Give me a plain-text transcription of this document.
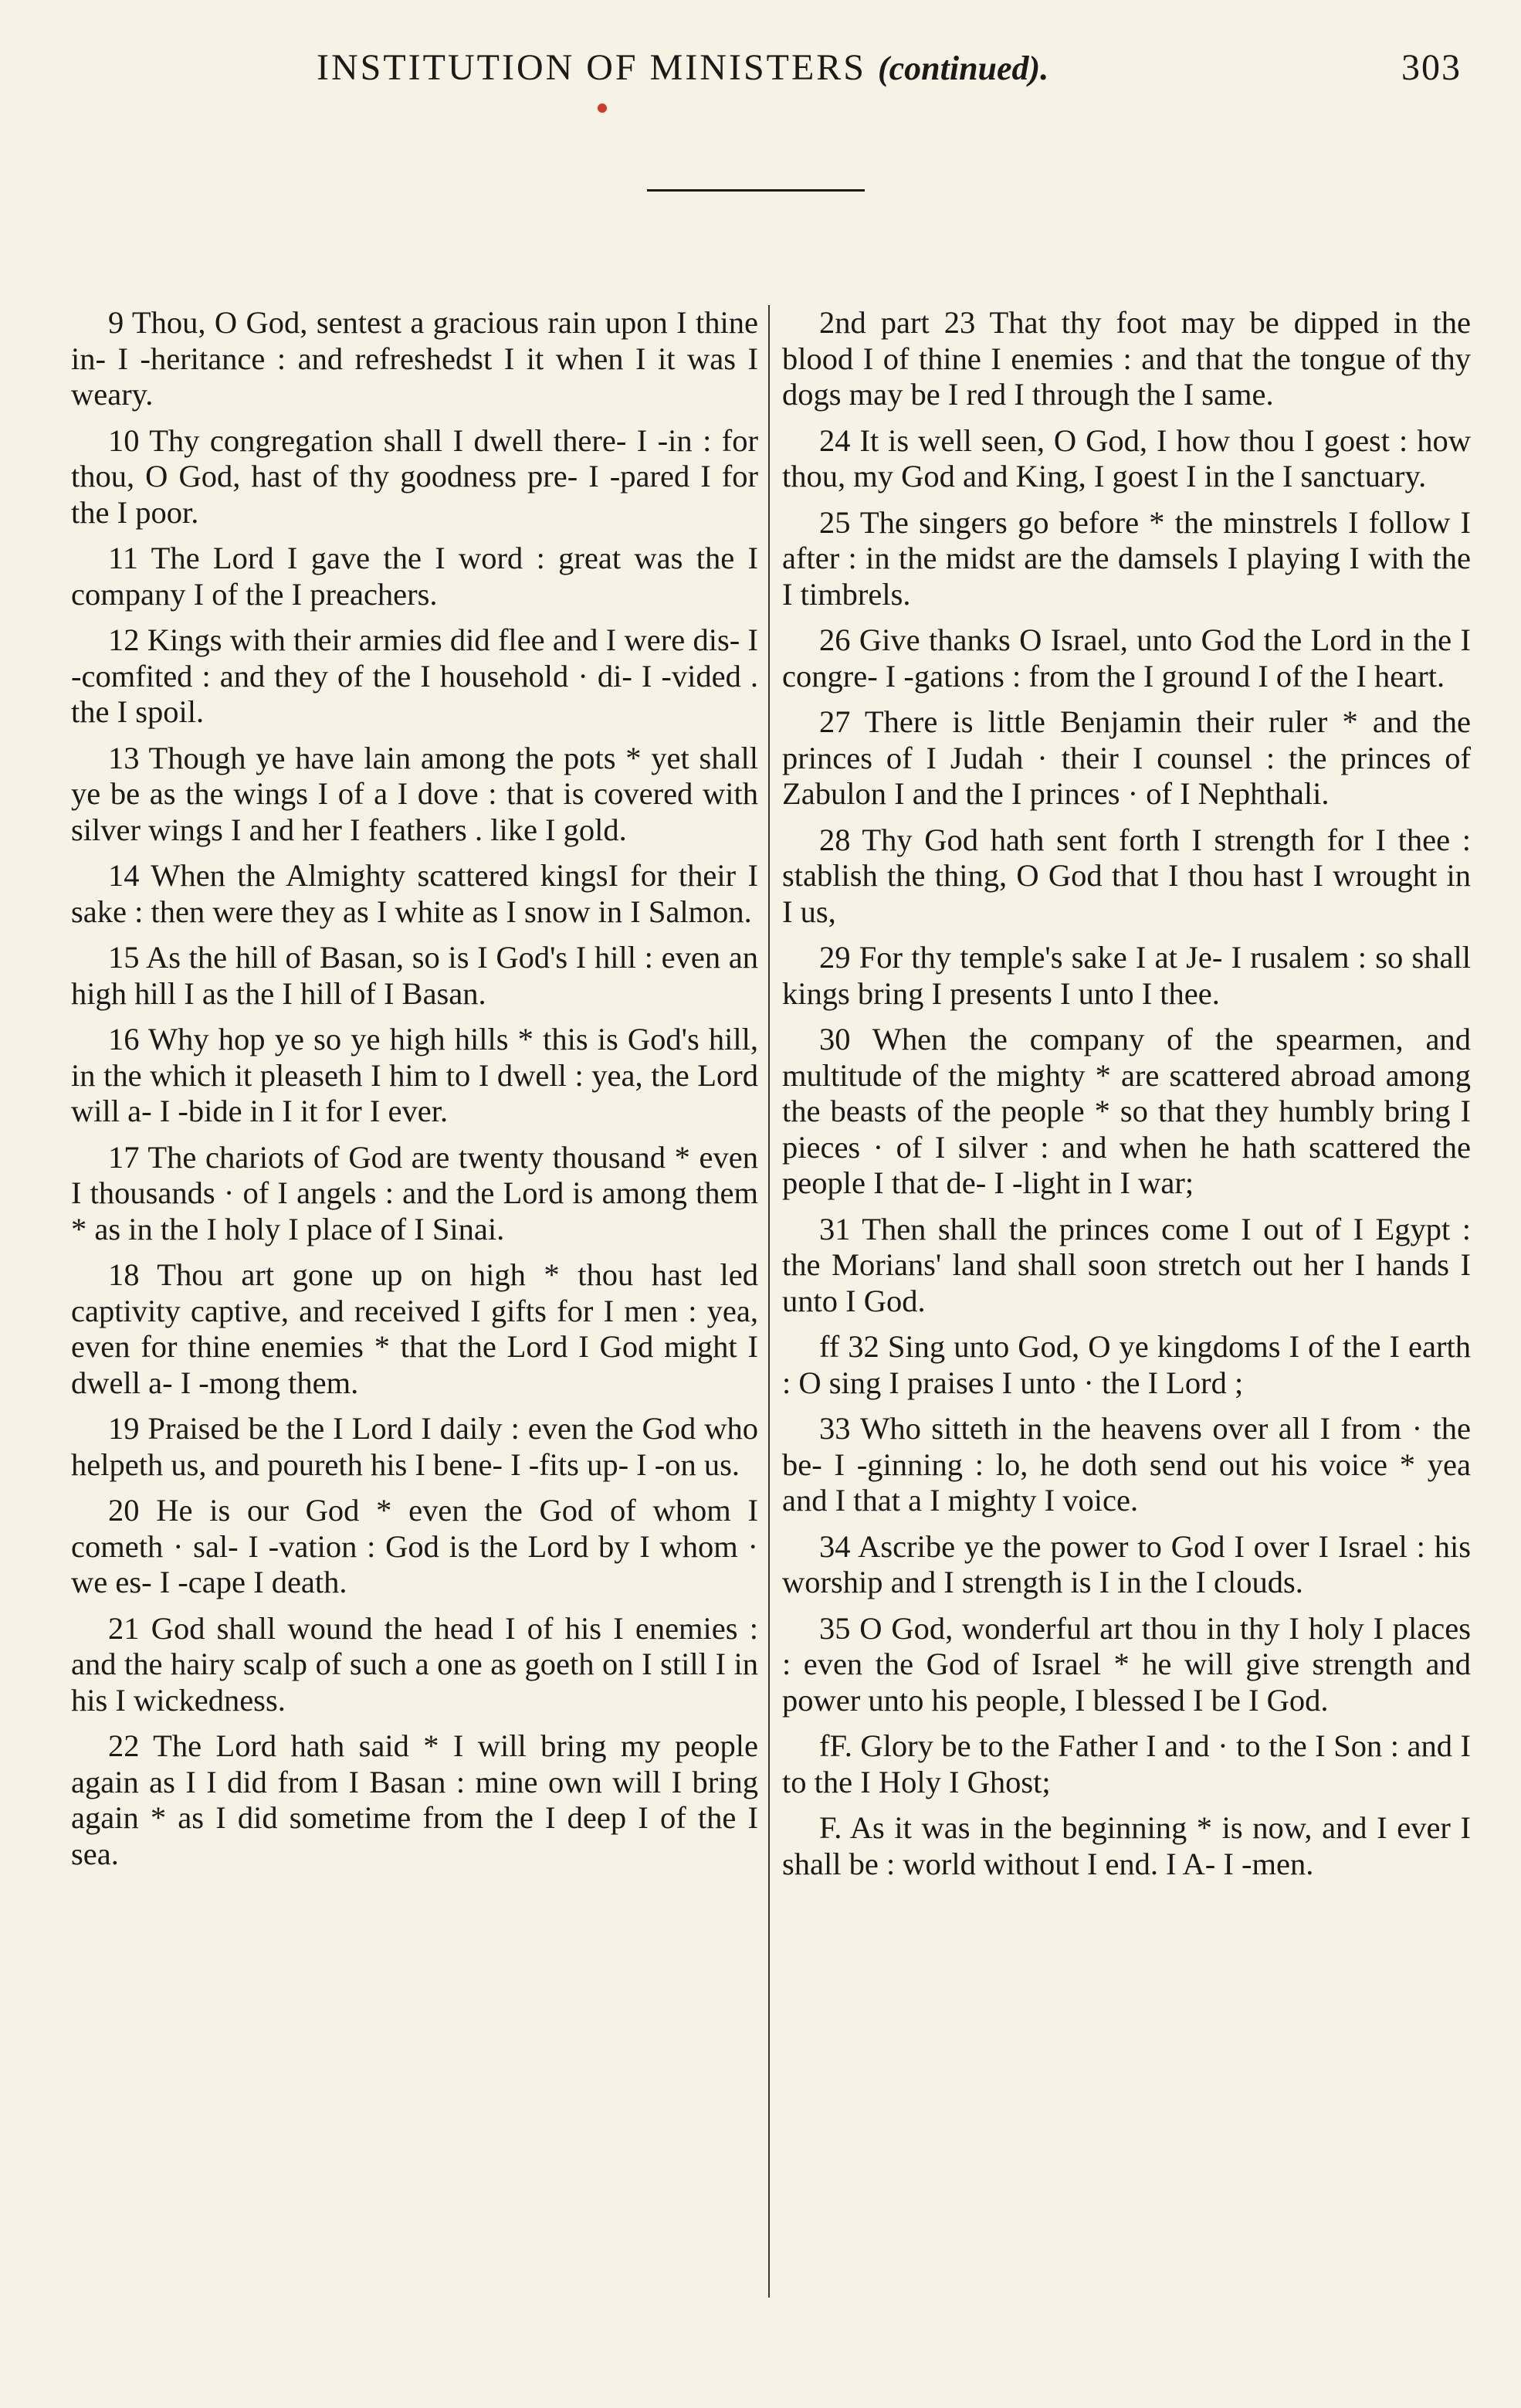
INSTITUTION OF MINISTERS (continued).	303

9 Thou, O God, sentest a gracious rain upon I thine in- I -heritance : and refreshedst I it when I it was I weary.

10 Thy congregation shall I dwell there- I -in : for thou, O God, hast of thy goodness pre- I -pared I for the I poor.

11 The Lord I gave the I word : great was the I company I of the I preachers.

12 Kings with their armies did flee and I were dis- I -comfited : and they of the I household · di- I -vided . the I spoil.

13 Though ye have lain among the pots * yet shall ye be as the wings I of a I dove : that is covered with silver wings I and her I feathers . like I gold.

14 When the Almighty scattered kingsI for their I sake : then were they as I white as I snow in I Salmon.

15 As the hill of Basan, so is I God's I hill : even an high hill I as the I hill of I Basan.

16 Why hop ye so ye high hills * this is God's hill, in the which it pleaseth I him to I dwell : yea, the Lord will a- I -bide in I it for I ever.

17 The chariots of God are twenty thousand * even I thousands · of I angels : and the Lord is among them * as in the I holy I place of I Sinai.

18 Thou art gone up on high * thou hast led captivity captive, and received I gifts for I men : yea, even for thine enemies * that the Lord I God might I dwell a- I -mong them.

19 Praised be the I Lord I daily : even the God who helpeth us, and poureth his I bene- I -fits up- I -on us.

20 He is our God * even the God of whom I cometh · sal- I -vation : God is the Lord by I whom · we es- I -cape I death.

21 God shall wound the head I of his I enemies : and the hairy scalp of such a one as goeth on I still I in his I wickedness.

22 The Lord hath said * I will bring my people again as I I did from I Basan : mine own will I bring again * as I did sometime from the I deep I of the I sea.

2nd part 23 That thy foot may be dipped in the blood I of thine I enemies : and that the tongue of thy dogs may be I red I through the I same.

24 It is well seen, O God, I how thou I goest : how thou, my God and King, I goest I in the I sanctuary.

25 The singers go before * the minstrels I follow I after : in the midst are the damsels I playing I with the I timbrels.

26 Give thanks O Israel, unto God the Lord in the I congre- I -gations : from the I ground I of the I heart.

27 There is little Benjamin their ruler * and the princes of I Judah · their I counsel : the princes of Zabulon I and the I princes · of I Nephthali.

28 Thy God hath sent forth I strength for I thee : stablish the thing, O God that I thou hast I wrought in I us,

29 For thy temple's sake I at Je- I rusalem : so shall kings bring I presents I unto I thee.

30 When the company of the spearmen, and multitude of the mighty * are scattered abroad among the beasts of the people * so that they humbly bring I pieces · of I silver : and when he hath scattered the people I that de- I -light in I war;

31 Then shall the princes come I out of I Egypt : the Morians' land shall soon stretch out her I hands I unto I God.

ff 32 Sing unto God, O ye kingdoms I of the I earth : O sing I praises I unto · the I Lord ;

33 Who sitteth in the heavens over all I from · the be- I -ginning : lo, he doth send out his voice * yea and I that a I mighty I voice.

34 Ascribe ye the power to God I over I Israel : his worship and I strength is I in the I clouds.

35 O God, wonderful art thou in thy I holy I places : even the God of Israel * he will give strength and power unto his people, I blessed I be I God.

fF. Glory be to the Father I and · to the I Son : and I to the I Holy I Ghost;

F. As it was in the beginning * is now, and I ever I shall be : world without I end. I A- I -men.
